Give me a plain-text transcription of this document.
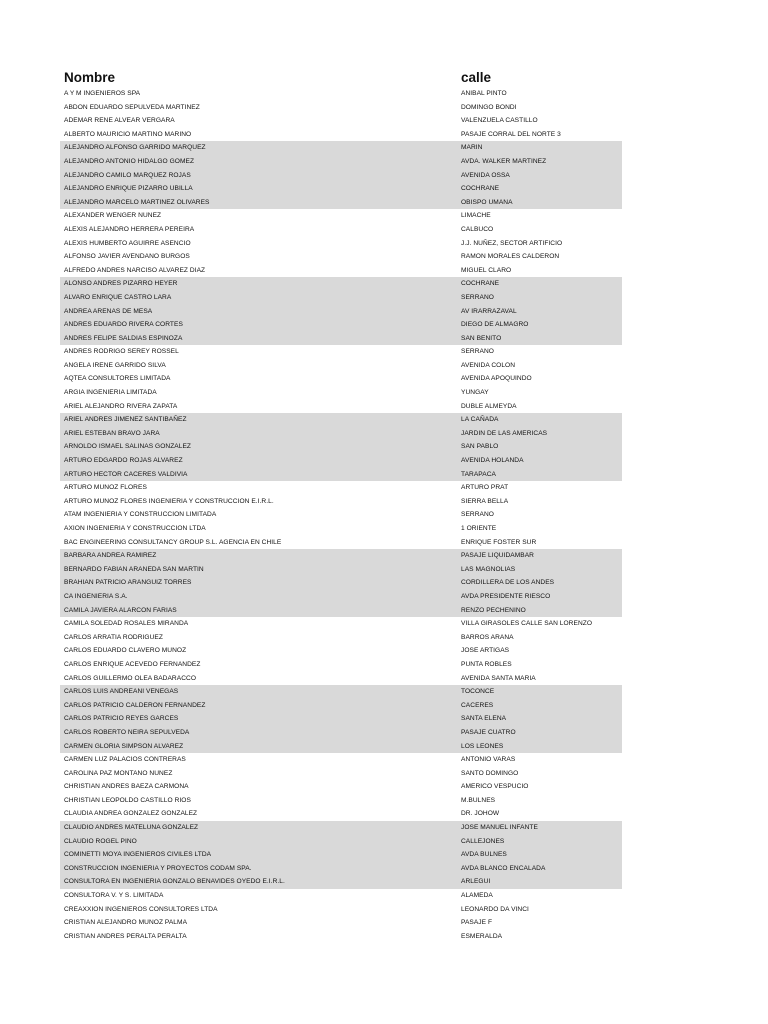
Nombre	calle
A Y M INGENIEROS SPA	ANIBAL PINTO
ABDON EDUARDO SEPULVEDA MARTINEZ	DOMINGO BONDI
ADEMAR RENE ALVEAR VERGARA	VALENZUELA CASTILLO
ALBERTO MAURICIO MARTINO MARINO	PASAJE CORRAL DEL NORTE 3
ALEJANDRO ALFONSO GARRIDO MARQUEZ	MARIN
ALEJANDRO ANTONIO HIDALGO GOMEZ	AVDA. WALKER MARTINEZ
ALEJANDRO CAMILO MARQUEZ ROJAS	AVENIDA OSSA
ALEJANDRO ENRIQUE PIZARRO UBILLA	COCHRANE
ALEJANDRO MARCELO MARTINEZ OLIVARES	OBISPO UMANA
ALEXANDER WENGER NUNEZ	LIMACHE
ALEXIS ALEJANDRO HERRERA PEREIRA	CALBUCO
ALEXIS HUMBERTO AGUIRRE ASENCIO	J.J. NUÑEZ, SECTOR ARTIFICIO
ALFONSO JAVIER AVENDANO BURGOS	RAMON MORALES CALDERON
ALFREDO ANDRES NARCISO ALVAREZ DIAZ	MIGUEL CLARO
ALONSO ANDRES PIZARRO HEYER	COCHRANE
ALVARO ENRIQUE CASTRO LARA	SERRANO
ANDREA ARENAS DE MESA	AV IRARRAZAVAL
ANDRES EDUARDO RIVERA CORTES	DIEGO DE ALMAGRO
ANDRES FELIPE SALDIAS ESPINOZA	SAN BENITO
ANDRES RODRIGO SEREY ROSSEL	SERRANO
ANGELA IRENE GARRIDO SILVA	AVENIDA COLON
AQTEA CONSULTORES LIMITADA	AVENIDA APOQUINDO
ARGIA INGENIERIA LIMITADA	YUNGAY
ARIEL ALEJANDRO RIVERA ZAPATA	DUBLE ALMEYDA
ARIEL ANDRES JIMENEZ SANTIBAÑEZ	LA CAÑADA
ARIEL ESTEBAN BRAVO JARA	JARDIN DE LAS AMERICAS
ARNOLDO ISMAEL SALINAS GONZALEZ	SAN PABLO
ARTURO EDGARDO ROJAS ALVAREZ	AVENIDA HOLANDA
ARTURO HECTOR CACERES VALDIVIA	TARAPACA
ARTURO MUNOZ FLORES	ARTURO PRAT
ARTURO MUNOZ FLORES INGENIERIA Y CONSTRUCCION E.I.R.L.	SIERRA BELLA
ATAM INGENIERIA Y CONSTRUCCION LIMITADA	SERRANO
AXION INGENIERIA Y CONSTRUCCION LTDA	1 ORIENTE
BAC ENGINEERING CONSULTANCY GROUP S.L. AGENCIA EN CHILE	ENRIQUE FOSTER SUR
BARBARA ANDREA RAMIREZ	PASAJE LIQUIDAMBAR
BERNARDO FABIAN ARANEDA SAN MARTIN	LAS MAGNOLIAS
BRAHIAN PATRICIO ARANGUIZ TORRES	CORDILLERA DE LOS ANDES
CA INGENIERIA S.A.	AVDA PRESIDENTE RIESCO
CAMILA JAVIERA ALARCON FARIAS	RENZO PECHENINO
CAMILA SOLEDAD ROSALES MIRANDA	VILLA GIRASOLES CALLE SAN LORENZO
CARLOS ARRATIA RODRIGUEZ	BARROS ARANA
CARLOS EDUARDO CLAVERO MUNOZ	JOSE ARTIGAS
CARLOS ENRIQUE ACEVEDO FERNANDEZ	PUNTA ROBLES
CARLOS GUILLERMO OLEA BADARACCO	AVENIDA SANTA MARIA
CARLOS LUIS ANDREANI VENEGAS	TOCONCE
CARLOS PATRICIO CALDERON FERNANDEZ	CACERES
CARLOS PATRICIO REYES GARCES	SANTA ELENA
CARLOS ROBERTO NEIRA SEPULVEDA	PASAJE CUATRO
CARMEN GLORIA SIMPSON ALVAREZ	LOS LEONES
CARMEN LUZ PALACIOS CONTRERAS	ANTONIO VARAS
CAROLINA PAZ MONTANO NUNEZ	SANTO DOMINGO
CHRISTIAN ANDRES BAEZA CARMONA	AMERICO VESPUCIO
CHRISTIAN LEOPOLDO CASTILLO RIOS	M.BULNES
CLAUDIA ANDREA GONZALEZ GONZALEZ	DR. JOHOW
CLAUDIO ANDRES MATELUNA GONZALEZ	JOSE MANUEL INFANTE
CLAUDIO ROGEL PINO	CALLEJONES
COMINETTI MOYA INGENIEROS CIVILES LTDA	AVDA BULNES
CONSTRUCCION INGENIERIA Y PROYECTOS CODAM SPA.	AVDA BLANCO ENCALADA
CONSULTORA EN INGENIERIA GONZALO BENAVIDES OYEDO E.I.R.L.	ARLEGUI
CONSULTORA V. Y S. LIMITADA	ALAMEDA
CREAXXION INGENIEROS CONSULTORES LTDA	LEONARDO DA VINCI
CRISTIAN ALEJANDRO MUNOZ PALMA	PASAJE F
CRISTIAN ANDRES PERALTA PERALTA	ESMERALDA
